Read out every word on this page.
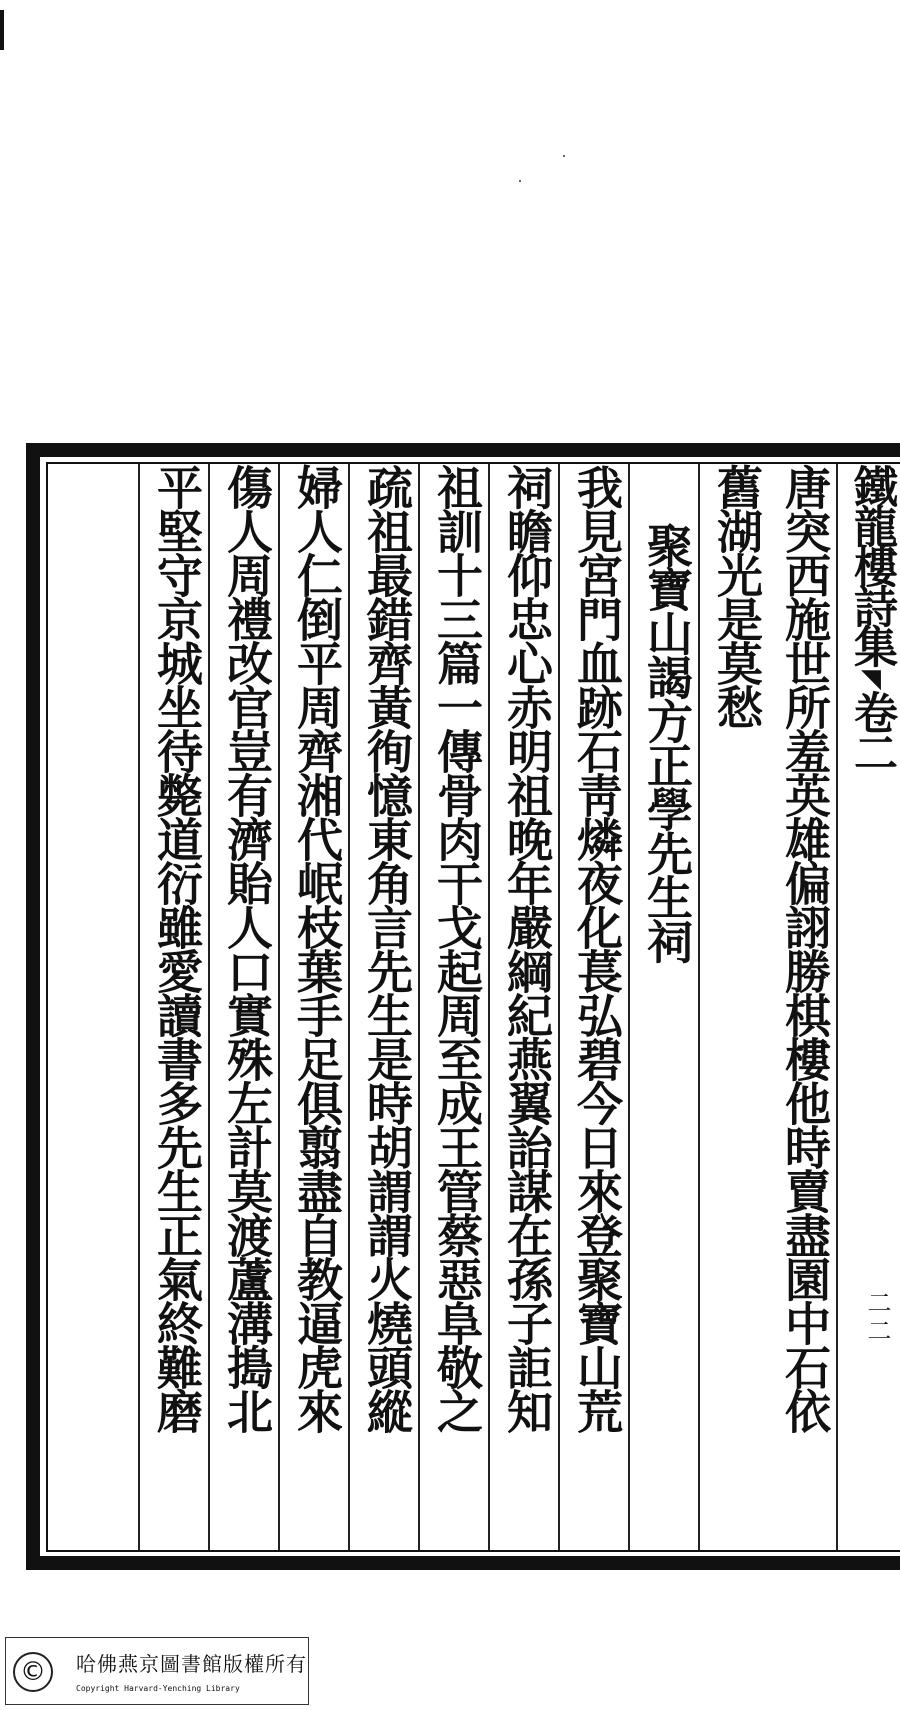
鐵龍樓詩集◥卷二
二二
唐突西施世所羞英雄偏詡勝棋樓他時賣盡園中石依
舊湖光是莫愁
聚寶山謁方正學先生祠
我見宮門血跡石靑燐夜化萇弘碧今日來登聚寶山荒
祠瞻仰忠心赤明祖晚年嚴綱紀燕翼詒謀在孫子詎知
祖訓十三篇一傳骨肉干戈起周至成王管蔡惡阜敬之
疏祖最錯齊黃徇憶東角言先生是時胡謂謂火燒頭縱
婦人仁倒平周齊湘代岷枝葉手足俱翦盡自教逼虎來
傷人周禮改官豈有濟貽人口實殊左計莫渡蘆溝搗北
平堅守京城坐待斃道衍雖愛讀書多先生正氣終難磨
©	哈佛燕京圖書館版權所有
Copyright Harvard-Yenching Library
